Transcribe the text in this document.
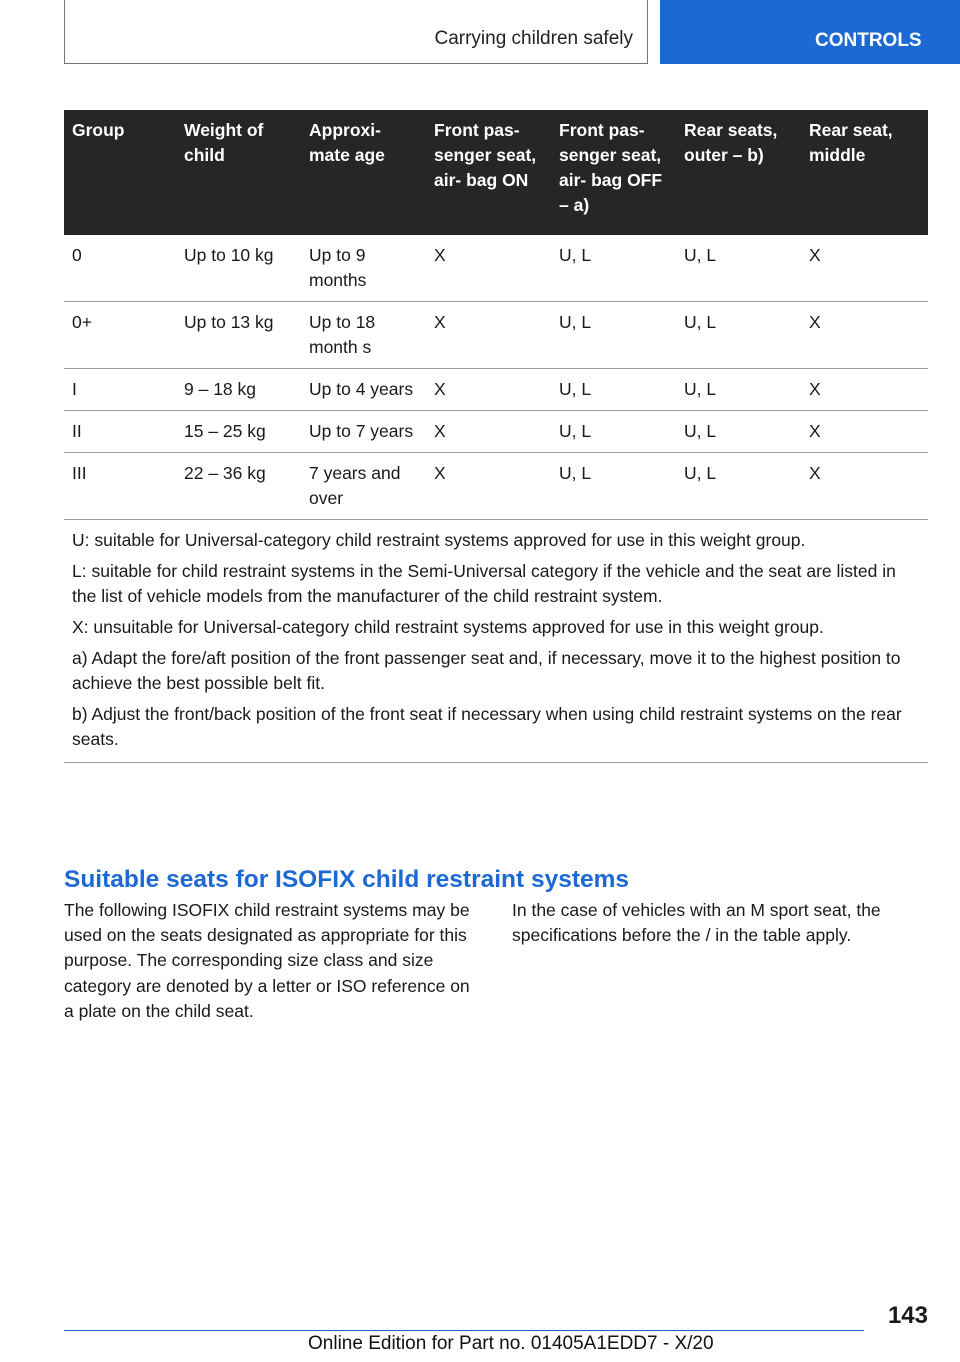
Carrying children safely	CONTROLS
Group	Weight of child	Approxi‐ mate age	Front pas‐ senger seat, air‐ bag ON	Front pas‐ senger seat, air‐ bag OFF – a)	Rear seats, outer – b)	Rear seat, middle
0	Up to 10 kg	Up to 9 months	X	U, L	U, L	X
0+	Up to 13 kg	Up to 18 month s	X	U, L	U, L	X
I	9 – 18 kg	Up to 4 years	X	U, L	U, L	X
II	15 – 25 kg	Up to 7 years	X	U, L	U, L	X
III	22 – 36 kg	7 years and over	X	U, L	U, L	X

U: suitable for Universal-category child restraint systems approved for use in this weight group.
L: suitable for child restraint systems in the Semi-Universal category if the vehicle and the seat are listed in the list of vehicle models from the manufacturer of the child restraint system.
X: unsuitable for Universal-category child restraint systems approved for use in this weight group.
a) Adapt the fore/aft position of the front passenger seat and, if necessary, move it to the highest position to achieve the best possible belt fit.
b) Adjust the front/back position of the front seat if necessary when using child restraint systems on the rear seats.						
Suitable seats for ISOFIX child restraint systems

The following ISOFIX child restraint systems may be used on the seats designated as appropriate for this purpose. The corresponding size class and size category are denoted by a letter or ISO reference on a plate on the child seat.

In the case of vehicles with an M sport seat, the specifications before the / in the table apply.

143
Online Edition for Part no. 01405A1EDD7 - X/20
